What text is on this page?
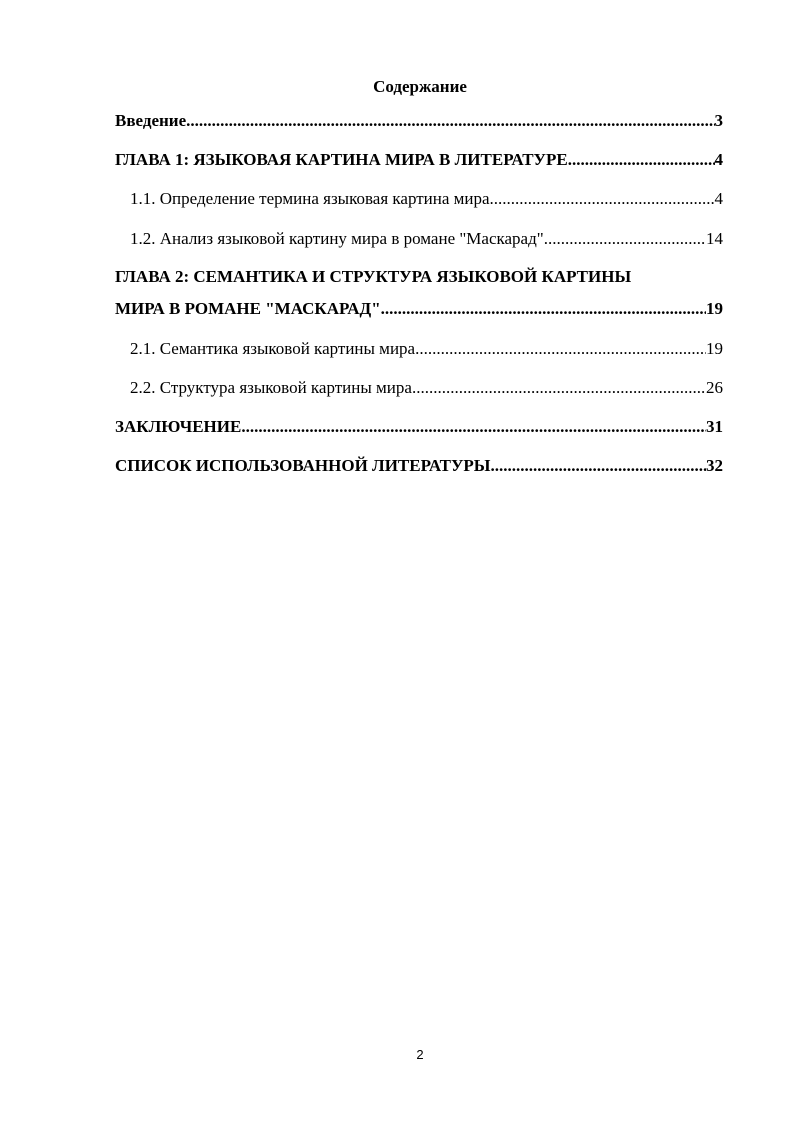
Содержание
Введение .....	3
ГЛАВА 1: ЯЗЫКОВАЯ КАРТИНА МИРА В ЛИТЕРАТУРЕ .....	4
1.1. Определение термина языковая картина мира .....	4
1.2. Анализ языковой картину мира в романе "Маскарад" .....	14
ГЛАВА 2: СЕМАНТИКА И СТРУКТУРА ЯЗЫКОВОЙ КАРТИНЫ
МИРА В РОМАНЕ "МАСКАРАД" .....	19
2.1. Семантика языковой картины мира .....	19
2.2. Структура языковой картины мира .....	26
ЗАКЛЮЧЕНИЕ .....	31
СПИСОК ИСПОЛЬЗОВАННОЙ ЛИТЕРАТУРЫ .....	32
2
